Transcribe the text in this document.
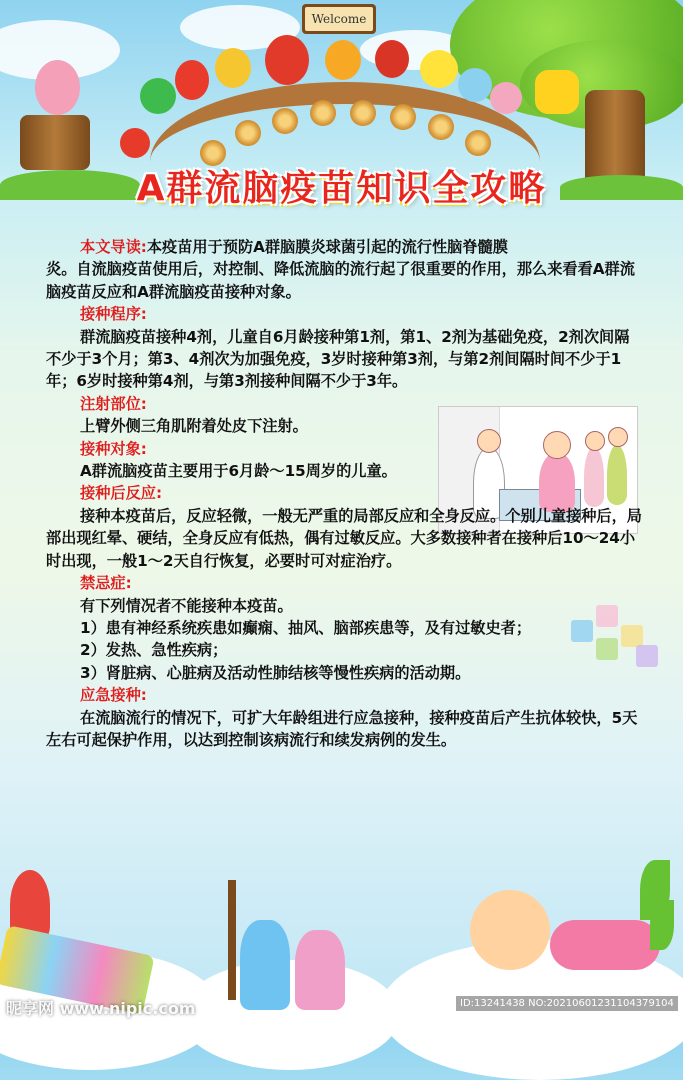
Welcome
A群流脑疫苗知识全攻略

本文导读:本疫苗用于预防A群脑膜炎球菌引起的流行性脑脊髓膜

炎。自流脑疫苗使用后，对控制、降低流脑的流行起了很重要的作用，那么来看看A群流脑疫苗反应和A群流脑疫苗接种对象。

接种程序:

群流脑疫苗接种4剂，儿童自6月龄接种第1剂，第1、2剂为基础免疫，2剂次间隔不少于3个月；第3、4剂次为加强免疫，3岁时接种第3剂，与第2剂间隔时间不少于1年；6岁时接种第4剂，与第3剂接种间隔不少于3年。

注射部位:

上臂外侧三角肌附着处皮下注射。

接种对象:

A群流脑疫苗主要用于6月龄～15周岁的儿童。

接种后反应:

接种本疫苗后，反应轻微，一般无严重的局部反应和全身反应。个别儿童接种后，局部出现红晕、硬结，全身反应有低热，偶有过敏反应。大多数接种者在接种后10～24小时出现，一般1～2天自行恢复，必要时可对症治疗。

禁忌症:

有下列情况者不能接种本疫苗。

1）患有神经系统疾患如癫痫、抽风、脑部疾患等，及有过敏史者；

2）发热、急性疾病；

3）肾脏病、心脏病及活动性肺结核等慢性疾病的活动期。

应急接种:

在流脑流行的情况下，可扩大年龄组进行应急接种，接种疫苗后产生抗体较快，5天左右可起保护作用，以达到控制该病流行和续发病例的发生。

昵享网 www.nipic.com	ID:13241438 NO:20210601231104379104
